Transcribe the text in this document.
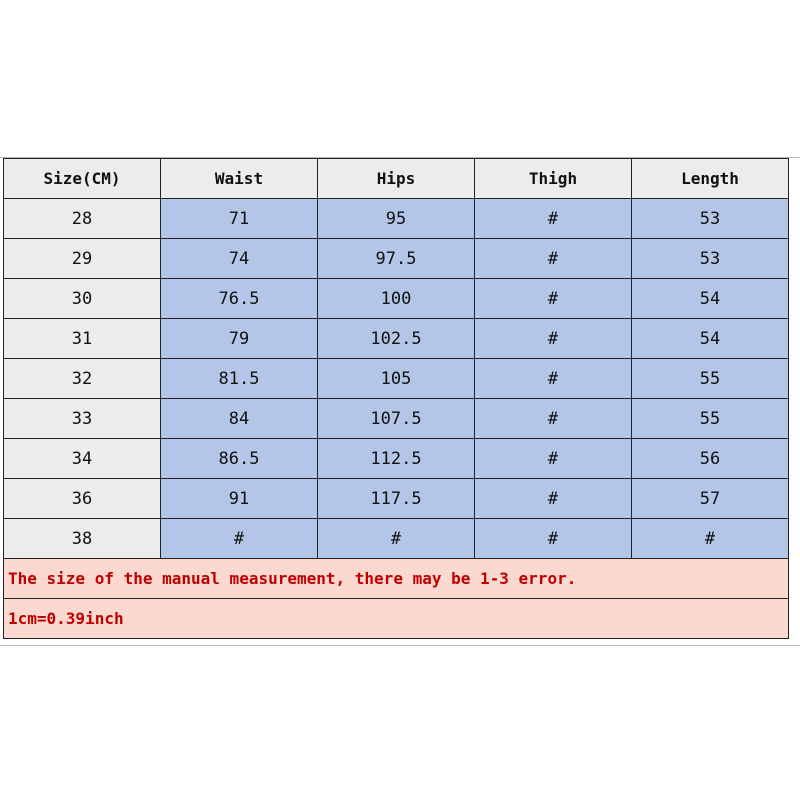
Size(CM)	Waist	Hips	Thigh	Length
28	71	95	#	53
29	74	97.5	#	53
30	76.5	100	#	54
31	79	102.5	#	54
32	81.5	105	#	55
33	84	107.5	#	55
34	86.5	112.5	#	56
36	91	117.5	#	57
38	#	#	#	#
The size of the manual measurement, there may be 1-3 error.				
1cm=0.39inch				
